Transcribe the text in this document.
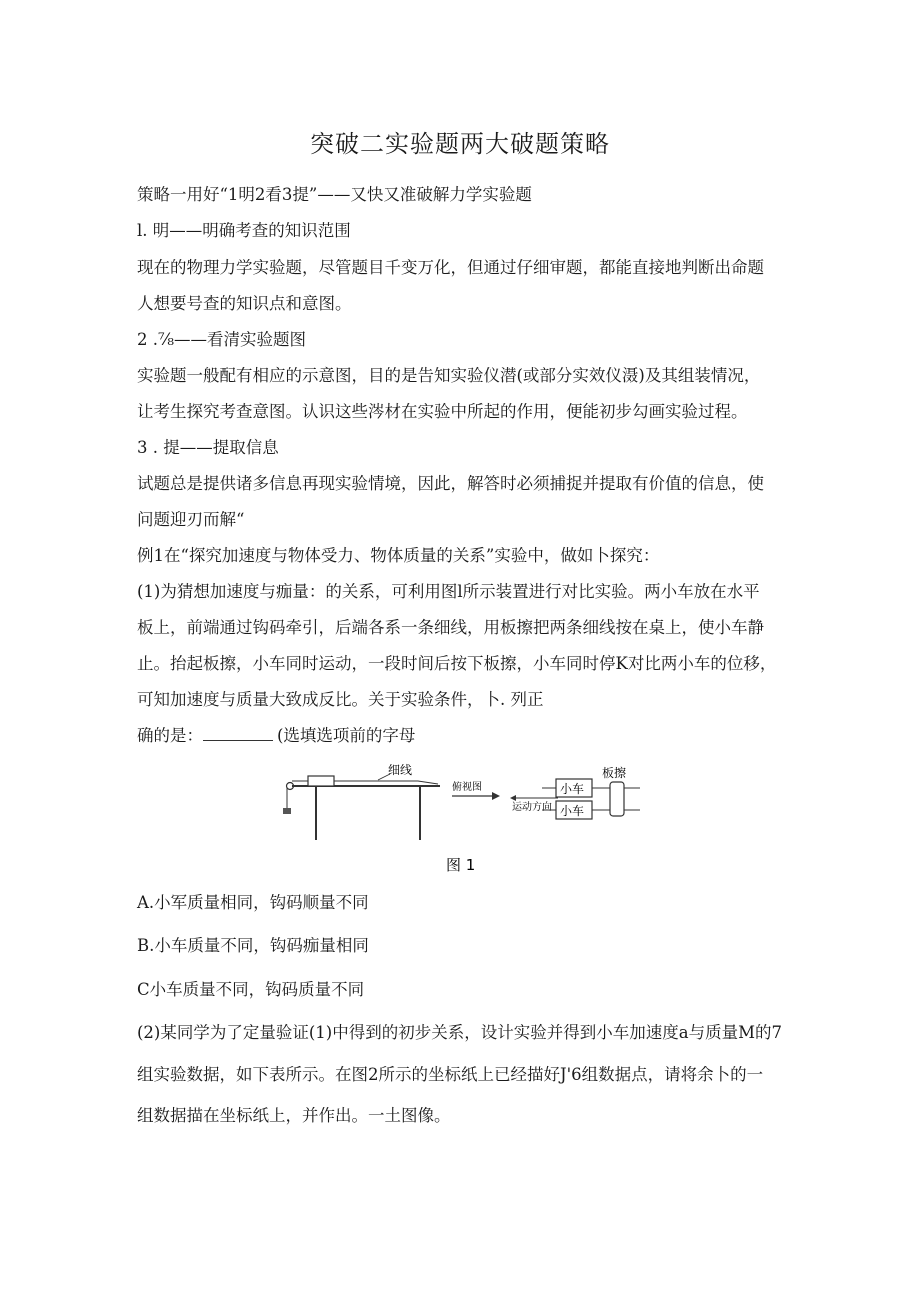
突破二实验题两大破题策略
策略一用好“1明2看3提”——又快又准破解力学实验题
l. 明——明确考查的知识范围
现在的物理力学实验题，尽管题目千变万化，但通过仔细审题，都能直接地判断出命题
人想要号查的知识点和意图。
2 .⅞——看清实验题图
实验题一般配有相应的示意图，目的是告知实验仪潜(或部分实效仪滠)及其组装情况，
让考生探究考查意图。认识这些涔材在实验中所起的作用，便能初步勾画实验过程。
3 . 提——提取信息
试题总是提供诸多信息再现实验情境，因此，解答时必须捕捉并提取有价值的信息，使
问题迎刃而解“
例1在“探究加速度与物体受力、物体质量的关系”实验中，做如卜探究：
(1)为猜想加速度与痂量：的关系，可利用图l所示装置进行对比实验。两小车放在水平
板上，前端通过钩码牵引，后端各系一条细线，用板擦把两条细线按在桌上，使小车静
止。抬起板擦，小车同时运动，一段时间后按下板擦，小车同时停K对比两小车的位移，
可知加速度与质量大致成反比。关于实验条件，卜. 列正
确的是：	(选填选项前的字母
细线
俯视图
运动方向
小车
小车
板擦
图 1
A.小军质量相同，钩码顺量不同
B.小车质量不同，钩码痂量相同
C小车质量不同，钩码质量不同
(2)某同学为了定量验证(1)中得到的初步关系，设计实验并得到小车加速度a与质量M的7
组实验数据，如下表所示。在图2所示的坐标纸上已经描好J'6组数据点，请将余卜的一
组数据描在坐标纸上，并作出。一土图像。
